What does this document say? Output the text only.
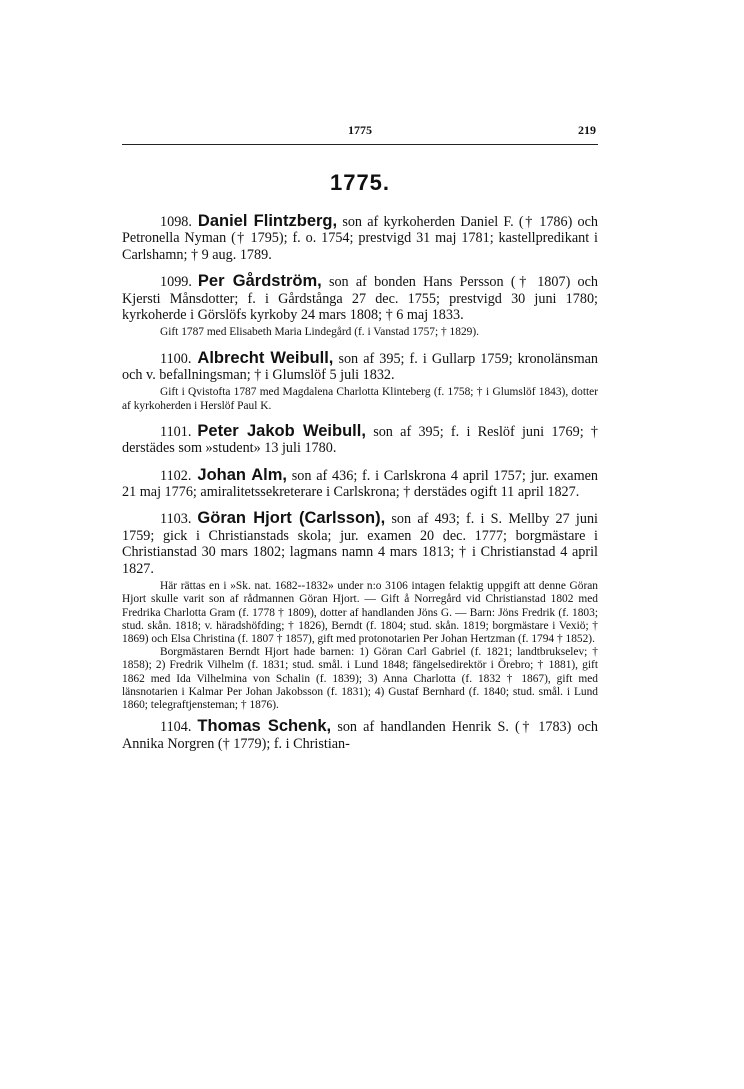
1775	219
1775.

1098. Daniel Flintzberg, son af kyrkoherden Daniel F. († 1786) och Petronella Nyman († 1795); f. o. 1754; prestvigd 31 maj 1781; kastellpredikant i Carlshamn; † 9 aug. 1789.

1099. Per Gårdström, son af bonden Hans Persson († 1807) och Kjersti Månsdotter; f. i Gårdstånga 27 dec. 1755; prestvigd 30 juni 1780; kyrkoherde i Görslöfs kyrkoby 24 mars 1808; † 6 maj 1833.

Gift 1787 med Elisabeth Maria Lindegård (f. i Vanstad 1757; † 1829).

1100. Albrecht Weibull, son af 395; f. i Gullarp 1759; kronolänsman och v. befallningsman; † i Glumslöf 5 juli 1832.

Gift i Qvistofta 1787 med Magdalena Charlotta Klinteberg (f. 1758; † i Glumslöf 1843), dotter af kyrkoherden i Herslöf Paul K.

1101. Peter Jakob Weibull, son af 395; f. i Reslöf juni 1769; † derstädes som »student» 13 juli 1780.

1102. Johan Alm, son af 436; f. i Carlskrona 4 april 1757; jur. examen 21 maj 1776; amiralitetssekreterare i Carlskrona; † derstädes ogift 11 april 1827.

1103. Göran Hjort (Carlsson), son af 493; f. i S. Mellby 27 juni 1759; gick i Christianstads skola; jur. examen 20 dec. 1777; borgmästare i Christianstad 30 mars 1802; lagmans namn 4 mars 1813; † i Christianstad 4 april 1827.

Här rättas en i »Sk. nat. 1682--1832» under n:o 3106 intagen felaktig uppgift att denne Göran Hjort skulle varit son af rådmannen Göran Hjort. — Gift å Norregård vid Christianstad 1802 med Fredrika Charlotta Gram (f. 1778 † 1809), dotter af handlanden Jöns G. — Barn: Jöns Fredrik (f. 1803; stud. skån. 1818; v. häradshöfding; † 1826), Berndt (f. 1804; stud. skån. 1819; borgmästare i Vexiö; † 1869) och Elsa Christina (f. 1807 † 1857), gift med protonotarien Per Johan Hertzman (f. 1794 † 1852).

Borgmästaren Berndt Hjort hade barnen: 1) Göran Carl Gabriel (f. 1821; landtbrukselev; † 1858); 2) Fredrik Vilhelm (f. 1831; stud. smål. i Lund 1848; fängelsedirektör i Örebro; † 1881), gift 1862 med Ida Vilhelmina von Schalin (f. 1839); 3) Anna Charlotta (f. 1832 † 1867), gift med länsnotarien i Kalmar Per Johan Jakobsson (f. 1831); 4) Gustaf Bernhard (f. 1840; stud. smål. i Lund 1860; telegraftjensteman; † 1876).

1104. Thomas Schenk, son af handlanden Henrik S. († 1783) och Annika Norgren († 1779); f. i Christian-
